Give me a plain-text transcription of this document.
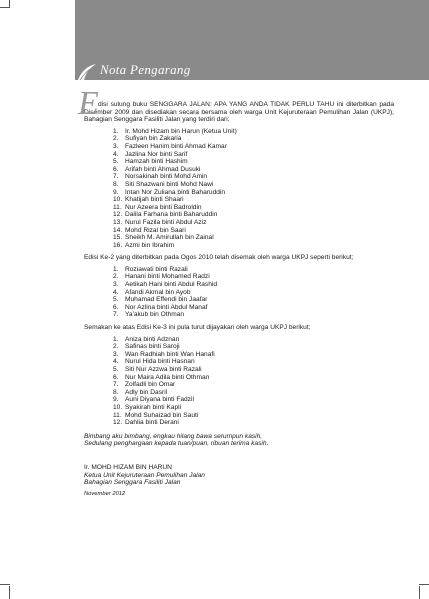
Nota Pengarang
E disi sulung buku SENGGARA JALAN: APA YANG ANDA TIDAK PERLU TAHU ini diterbitkan pada Disember 2009 dan disediakan secara bersama oleh warga Unit Kejuruteraan Pemulihan Jalan (UKPJ), Bahagian Senggara Fasiliti Jalan yang terdiri dari;

1. Ir. Mohd Hizam bin Harun (Ketua Unit)
2. Sufiyan bin Zakaria
3. Fazleen Hanim binti Ahmad Kamar
4. Jazlina Nor binti Sarif
5. Hamzah binti Hashim
6. Arifah binti Ahmad Dusuki
7. Norsakinah binti Mohd Amin
8. Siti Shazwani binti Mohd Nawi
9. Intan Nor Zuliana binti Baharuddin
10. Khatijah binti Shaari
11. Nur Azeera binti Badroldin
12. Dalila Farhana binti Baharuddin
13. Nurul Fazila binti Abdul Aziz
14. Mohd Rizal bin Saari
15. Sheikh M. Amirullah bin Zainal
16. Azmi bin Ibrahim

Edisi Ke-2 yang diterbitkan pada Ogos 2010 telah disemak oleh warga UKPJ seperti berikut;

1. Roziawati binti Razali
2. Hanani binti Mohamed Radzi
3. Aetikah Hani binti Abdul Rashid
4. Afandi Akmal bin Ayob
5. Muhamad Effendi bin Jaafar
6. Nor Azlina binti Abdul Manaf
7. Ya'akub bin Othman

Semakan ke atas Edisi Ke-3 ini pula turut dijayakan oleh warga UKPJ berikut;

1. Aniza binti Adznan
2. Safinas binti Saroji
3. Wan Radhiah binti Wan Hanafi
4. Nurul Hida binti Hasnan
5. Siti Nur Azzwa binti Razali
6. Nur Maira Adila binti Othman
7. Zolfadli bin Omar
8. Adly bin Dasril
9. Auni Diyana binti Fadzil
10. Syakirah binti Kapli
11. Mohd Suhaizad bin Sauti
12. Dahlia binti Derani
Bimbang aku bimbang, engkau hilang bawa serumpun kasih,
Sedulang penghargaan kepada tuan/puan, ribuan terima kasih.
Ir. MOHD HIZAM BIN HARUN
Ketua Unit Kejuruteraan Pemulihan Jalan
Bahagian Senggara Fasiliti Jalan
November 2012
